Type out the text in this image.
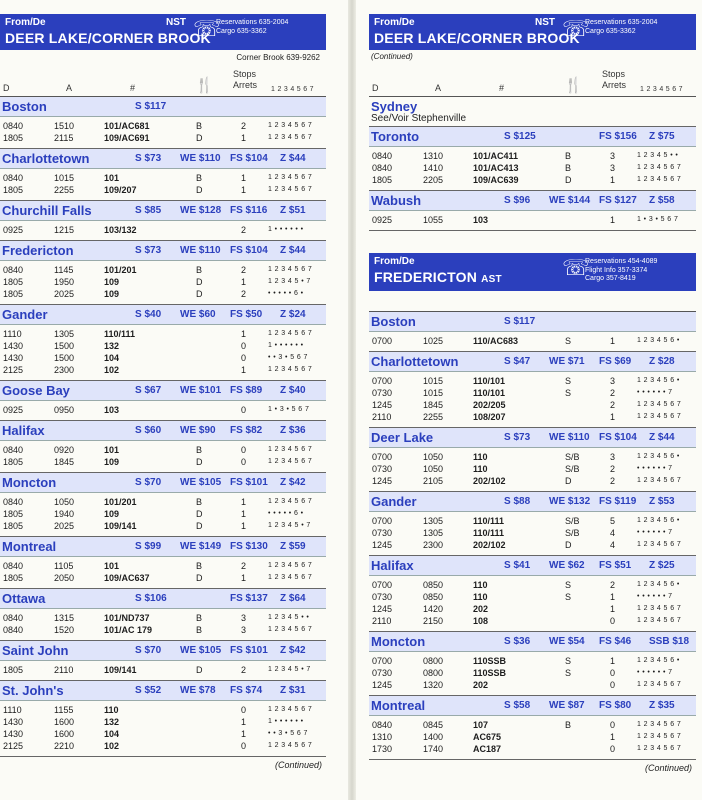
From/De
DEER LAKE/CORNER BROOK
NST ☏
Reservations 635-2004
Cargo 635-3362
Corner Brook 639-9262
D	A	#	🍴
Stops
Arrets 1 2 3 4 5 6 7
Boston	S $117
0840	1510	101/AC681	B	2	1 2 3 4 5 6 7
1805	2115	109/AC691	D	1	1 2 3 4 5 6 7
Charlottetown	S $73 WE $110 FS $104 Z $44
0840	1015	101	B	1	1 2 3 4 5 6 7
1805	2255	109/207	D	1	1 2 3 4 5 6 7
Churchill Falls	S $85 WE $128 FS $116 Z $51
0925	1215	103/132	2	1 • • • • • •
Fredericton	S $73 WE $110 FS $104 Z $44
0840	1145	101/201	B	2	1 2 3 4 5 6 7
1805	1950	109	D	1	1 2 3 4 5 • 7
1805	2025	109	D	2	• • • • • 6 •
Gander	S $40 WE $60 FS $50 Z $24
1110	1305	110/111	1	1 2 3 4 5 6 7
1430	1500	132	0	1 • • • • • •
1430	1500	104	0	• • 3 • 5 6 7
2125	2300	102	1	1 2 3 4 5 6 7
Goose Bay	S $67 WE $101 FS $89 Z $40
0925	0950	103	0	1 • 3 • 5 6 7
Halifax	S $60 WE $90 FS $82 Z $36
0840	0920	101	B	0	1 2 3 4 5 6 7
1805	1845	109	D	0	1 2 3 4 5 6 7
Moncton	S $70 WE $105 FS $101 Z $42
0840	1050	101/201	B	1	1 2 3 4 5 6 7
1805	1940	109	D	1	• • • • • 6 •
1805	2025	109/141	D	1	1 2 3 4 5 • 7
Montreal	S $99 WE $149 FS $130 Z $59
0840	1105	101	B	2	1 2 3 4 5 6 7
1805	2050	109/AC637	D	1	1 2 3 4 5 6 7
Ottawa	S $106	FS $137 Z $64
0840	1315	101/ND737	B	3	1 2 3 4 5 • •
0840	1520	101/AC 179	B	3	1 2 3 4 5 6 7
Saint John	S $70 WE $105 FS $101 Z $42
1805	2110	109/141	D	2	1 2 3 4 5 • 7
St. John's	S $52 WE $78 FS $74 Z $31
1110	1155	110	0	1 2 3 4 5 6 7
1430	1600	132	1	1 • • • • • •
1430	1600	104	1	• • 3 • 5 6 7
2125	2210	102	0	1 2 3 4 5 6 7
(Continued)
From/De
DEER LAKE/CORNER BROOK
NST ☏
Reservations 635-2004
Cargo 635-3362
(Continued)
D	A	#	🍴
Stops
Arrets 1 2 3 4 5 6 7
Sydney
See/Voir Stephenville
Toronto	S $125	FS $156 Z $75
0840	1310	101/AC411	B	3	1 2 3 4 5 • •
0840	1410	101/AC413	B	3	1 2 3 4 5 6 7
1805	2205	109/AC639	D	1	1 2 3 4 5 6 7
Wabush	S $96 WE $144 FS $127 Z $58
0925	1055	103	1	1 • 3 • 5 6 7
From/De
FREDERICTON AST	☏
Reservations 454-4089
Flight Info 357-3374
Cargo 357-8419
Boston	S $117
0700	1025	110/AC683	S	1	1 2 3 4 5 6 •
Charlottetown	S $47 WE $71 FS $69 Z $28
0700	1015	110/101	S	3	1 2 3 4 5 6 •
0730	1015	110/101	S	2	• • • • • • 7
1245	1845	202/205	2	1 2 3 4 5 6 7
2110	2255	108/207	1	1 2 3 4 5 6 7
Deer Lake	S $73 WE $110 FS $104 Z $44
0700	1050	110	S/B	3	1 2 3 4 5 6 •
0730	1050	110	S/B	2	• • • • • • 7
1245	2105	202/102	D	2	1 2 3 4 5 6 7
Gander	S $88 WE $132 FS $119 Z $53
0700	1305	110/111	S/B	5	1 2 3 4 5 6 •
0730	1305	110/111	S/B	4	• • • • • • 7
1245	2300	202/102	D	4	1 2 3 4 5 6 7
Halifax	S $41 WE $62 FS $51 Z $25
0700	0850	110	S	2	1 2 3 4 5 6 •
0730	0850	110	S	1	• • • • • • 7
1245	1420	202	1	1 2 3 4 5 6 7
2110	2150	108	0	1 2 3 4 5 6 7
Moncton	S $36 WE $54 FS $46 SSB $18
0700	0800	110SSB	S	1	1 2 3 4 5 6 •
0730	0800	110SSB	S	0	• • • • • • 7
1245	1320	202	0	1 2 3 4 5 6 7
Montreal	S $58 WE $87 FS $80 Z $35
0840	0845	107	B	0	1 2 3 4 5 6 7
1310	1400	AC675	1	1 2 3 4 5 6 7
1730	1740	AC187	0	1 2 3 4 5 6 7
(Continued)
